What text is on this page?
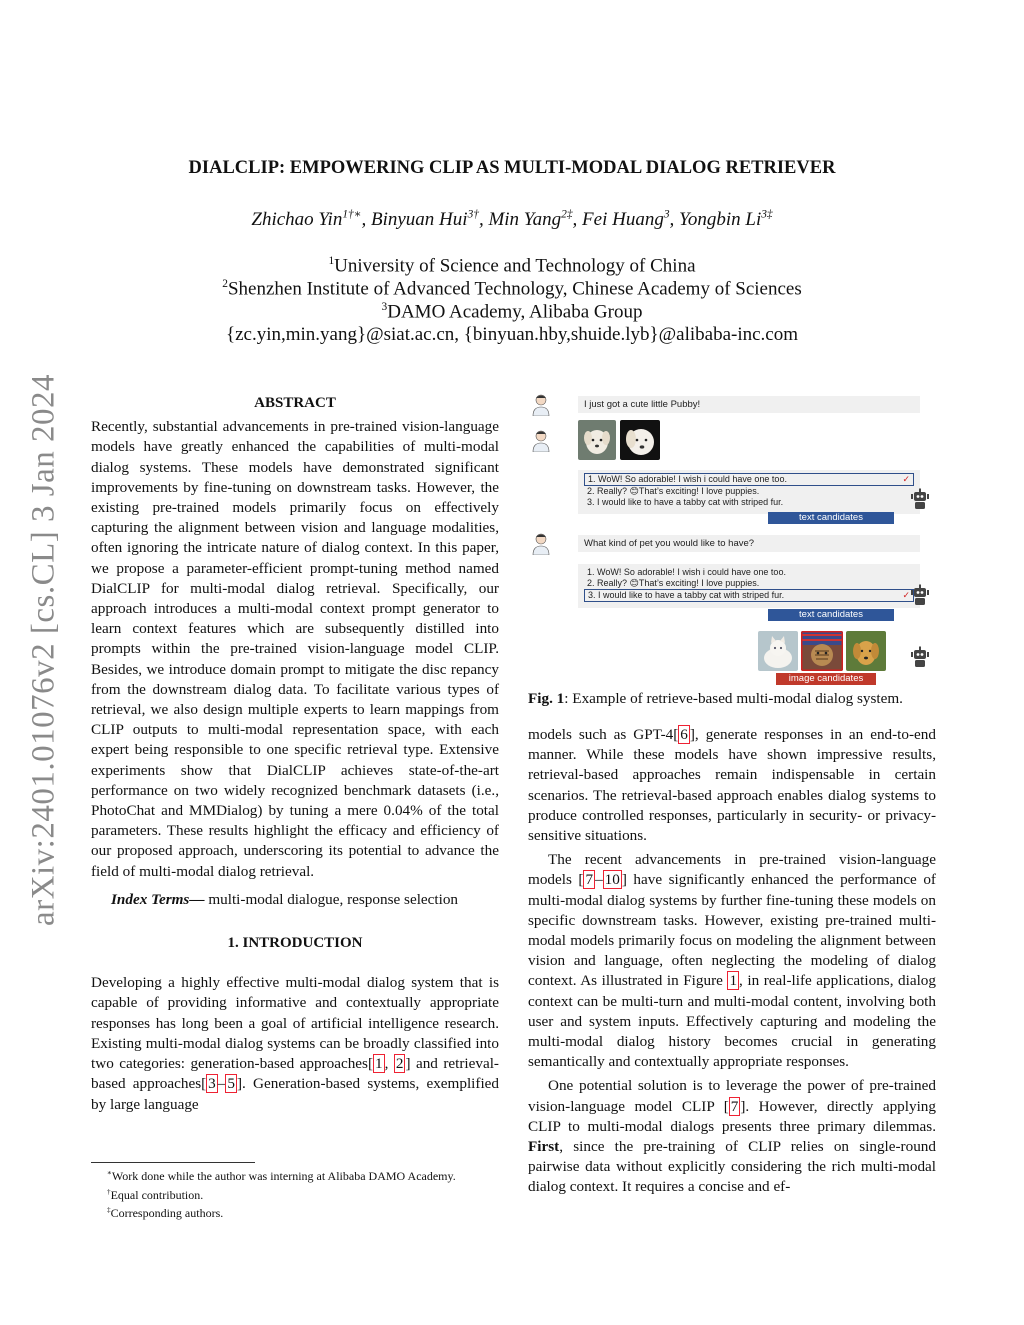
arXiv:2401.01076v2 [cs.CL] 3 Jan 2024
DIALCLIP: EMPOWERING CLIP AS MULTI-MODAL DIALOG RETRIEVER
Zhichao Yin$^{1\dagger∗}$, Binyuan Hui$^{3\dagger}$, Min Yang$^{2\ddagger}$, Fei Huang$^3$, Yongbin $Li^{3\ddagger}$
$^1$University of Science and Technology of China
$^2$Shenzhen Institute of Advanced Technology, Chinese Academy of Sciences
$^3$DAMO Academy, Alibaba Group
{zc.yin,min.yang}@siat.ac.cn, {binyuan.hby,shuide.lyb}@alibaba-inc.com

ABSTRACT

Recently, substantial advancements in pre-trained vision-language models have greatly enhanced the capabilities of multi-modal dialog systems. These models have demonstrated significant improvements by fine-tuning on downstream tasks. However, the existing pre-trained models primarily focus on effectively capturing the alignment between vision and language modalities, often ignoring the intricate nature of dialog context. In this paper, we propose a parameter-efficient prompt-tuning method named DialCLIP for multi-modal dialog retrieval. Specifically, our approach introduces a multi-modal context prompt generator to learn context features which are subsequently distilled into prompts within the pre-trained vision-language model CLIP. Besides, we introduce domain prompt to mitigate the disc repancy from the downstream dialog data. To facilitate various types of retrieval, we also design multiple experts to learn mappings from CLIP outputs to multi-modal representation space, with each expert being responsible to one specific retrieval type. Extensive experiments show that DialCLIP achieves state-of-the-art performance on two widely recognized benchmark datasets (i.e., PhotoChat and MMDialog) by tuning a mere 0.04% of the total parameters. These results highlight the efficacy and efficiency of our proposed approach, underscoring its potential to advance the field of multi-modal dialog retrieval.

Index Terms— multi-modal dialogue, response selection

1. INTRODUCTION

Developing a highly effective multi-modal dialog system that is capable of providing informative and contextually appropriate responses has long been a goal of artificial intelligence research. Existing multi-modal dialog systems can be broadly classified into two categories: generation-based approaches[ 1 , 2 ] and retrieval-based approaches[ 3 – 5 ]. Generation-based systems, exemplified by large language

∗Work done while the author was interning at Alibaba DAMO Academy.
†Equal contribution.
‡Corresponding authors.
I just got a cute little Pubby!
1. WoW! So adorable! I wish i could have one too.	✓
2. Really? 😊That’s exciting! I love puppies.
3. I would like to have a tabby cat with striped fur.
text candidates
What kind of pet you would like to have?
1. WoW! So adorable! I wish i could have one too.
2. Really? 😊That’s exciting! I love puppies.
3. I would like to have a tabby cat with striped fur.	✓
text candidates
image candidates
Fig. 1: Example of retrieve-based multi-modal dialog system.

models such as GPT-4[ 6 ], generate responses in an end-to-end manner. While these models have shown impressive results, retrieval-based approaches remain indispensable in certain scenarios. The retrieval-based approach enables dialog systems to produce controlled responses, particularly in security- or privacy-sensitive situations.

The recent advancements in pre-trained vision-language models [ 7 – 10 ] have significantly enhanced the performance of multi-modal dialog systems by further fine-tuning these models on specific downstream tasks. However, existing pre-trained multi-modal models primarily focus on modeling the alignment between vision and language, often neglecting the modeling of dialog context. As illustrated in Figure 1 , in real-life applications, dialog context can be multi-turn and multi-modal content, involving both user and system inputs. Effectively capturing and modeling the multi-modal dialog history becomes crucial in generating semantically and contextually appropriate responses.

One potential solution is to leverage the power of pre-trained vision-language model CLIP [ 7 ]. However, directly applying CLIP to multi-modal dialogs presents three primary dilemmas. First, since the pre-training of CLIP relies on single-round pairwise data without explicitly considering the rich multi-modal dialog context. It requires a concise and ef-
